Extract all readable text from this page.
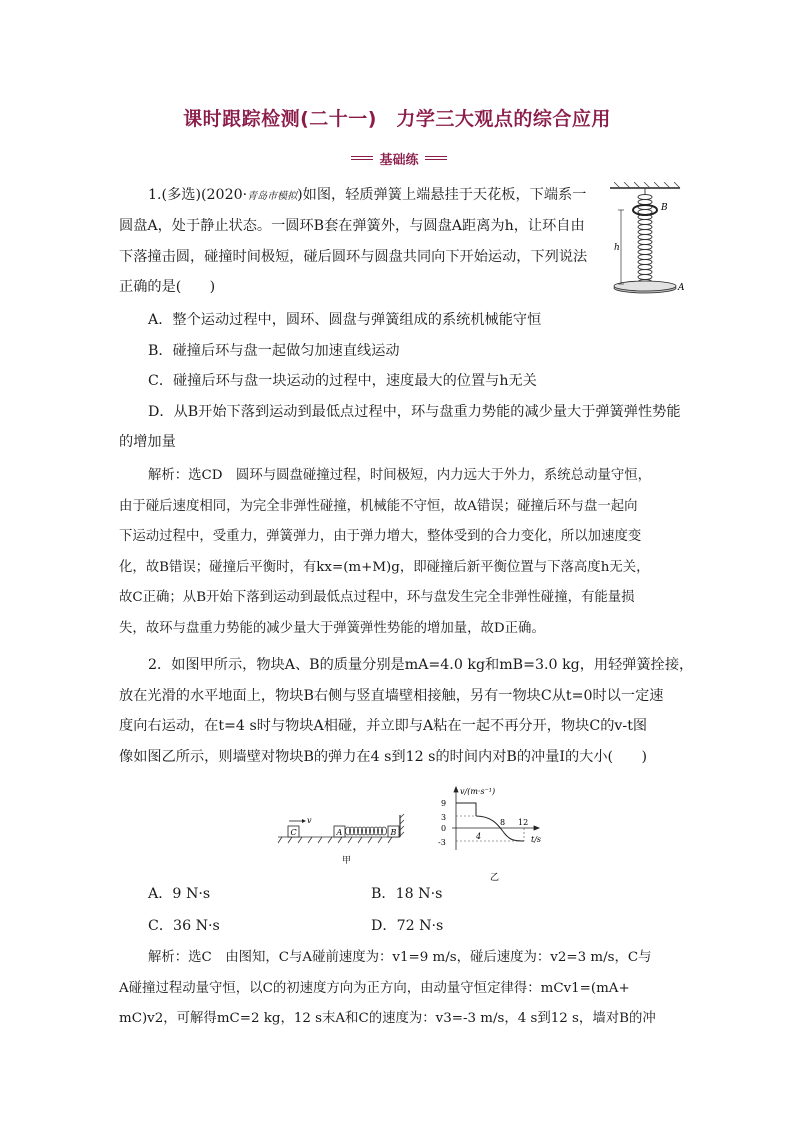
课时跟踪检测(二十一)　力学三大观点的综合应用
基础练
1.(多选)(2020·青岛市模拟)如图，轻质弹簧上端悬挂于天花板，下端系一
圆盘A，处于静止状态。一圆环B套在弹簧外，与圆盘A距离为h，让环自由
下落撞击圆，碰撞时间极短，碰后圆环与圆盘共同向下开始运动，下列说法
正确的是(　　)
B
h
A
A．整个运动过程中，圆环、圆盘与弹簧组成的系统机械能守恒
B．碰撞后环与盘一起做匀加速直线运动
C．碰撞后环与盘一块运动的过程中，速度最大的位置与h无关
D．从B开始下落到运动到最低点过程中，环与盘重力势能的减少量大于弹簧弹性势能
的增加量
解析：选CD　圆环与圆盘碰撞过程，时间极短，内力远大于外力，系统总动量守恒，
由于碰后速度相同，为完全非弹性碰撞，机械能不守恒，故A错误；碰撞后环与盘一起向
下运动过程中，受重力，弹簧弹力，由于弹力增大，整体受到的合力变化，所以加速度变
化，故B错误；碰撞后平衡时，有kx=(m+M)g，即碰撞后新平衡位置与下落高度h无关，
故C正确；从B开始下落到运动到最低点过程中，环与盘发生完全非弹性碰撞，有能量损
失，故环与盘重力势能的减少量大于弹簧弹性势能的增加量，故D正确。
2．如图甲所示，物块A、B的质量分别是mA=4.0 kg和mB=3.0 kg，用轻弹簧拴接，
放在光滑的水平地面上，物块B右侧与竖直墙壁相接触，另有一物块C从t=0时以一定速
度向右运动，在t=4 s时与物块A相碰，并立即与A粘在一起不再分开，物块C的v-t图
像如图乙所示，则墙壁对物块B的弹力在4 s到12 s的时间内对B的冲量I的大小(　　)
C
v
A	B
甲
v/(m·s⁻¹)
9
3
0
-3
4
8 12
t/s
乙
A．9 N·s	B．18 N·s
C．36 N·s	D．72 N·s
解析：选C　由图知，C与A碰前速度为：v1=9 m/s，碰后速度为：v2=3 m/s，C与
A碰撞过程动量守恒，以C的初速度方向为正方向，由动量守恒定律得：mCv1=(mA+
mC)v2，可解得mC=2 kg，12 s末A和C的速度为：v3=-3 m/s，4 s到12 s，墙对B的冲
